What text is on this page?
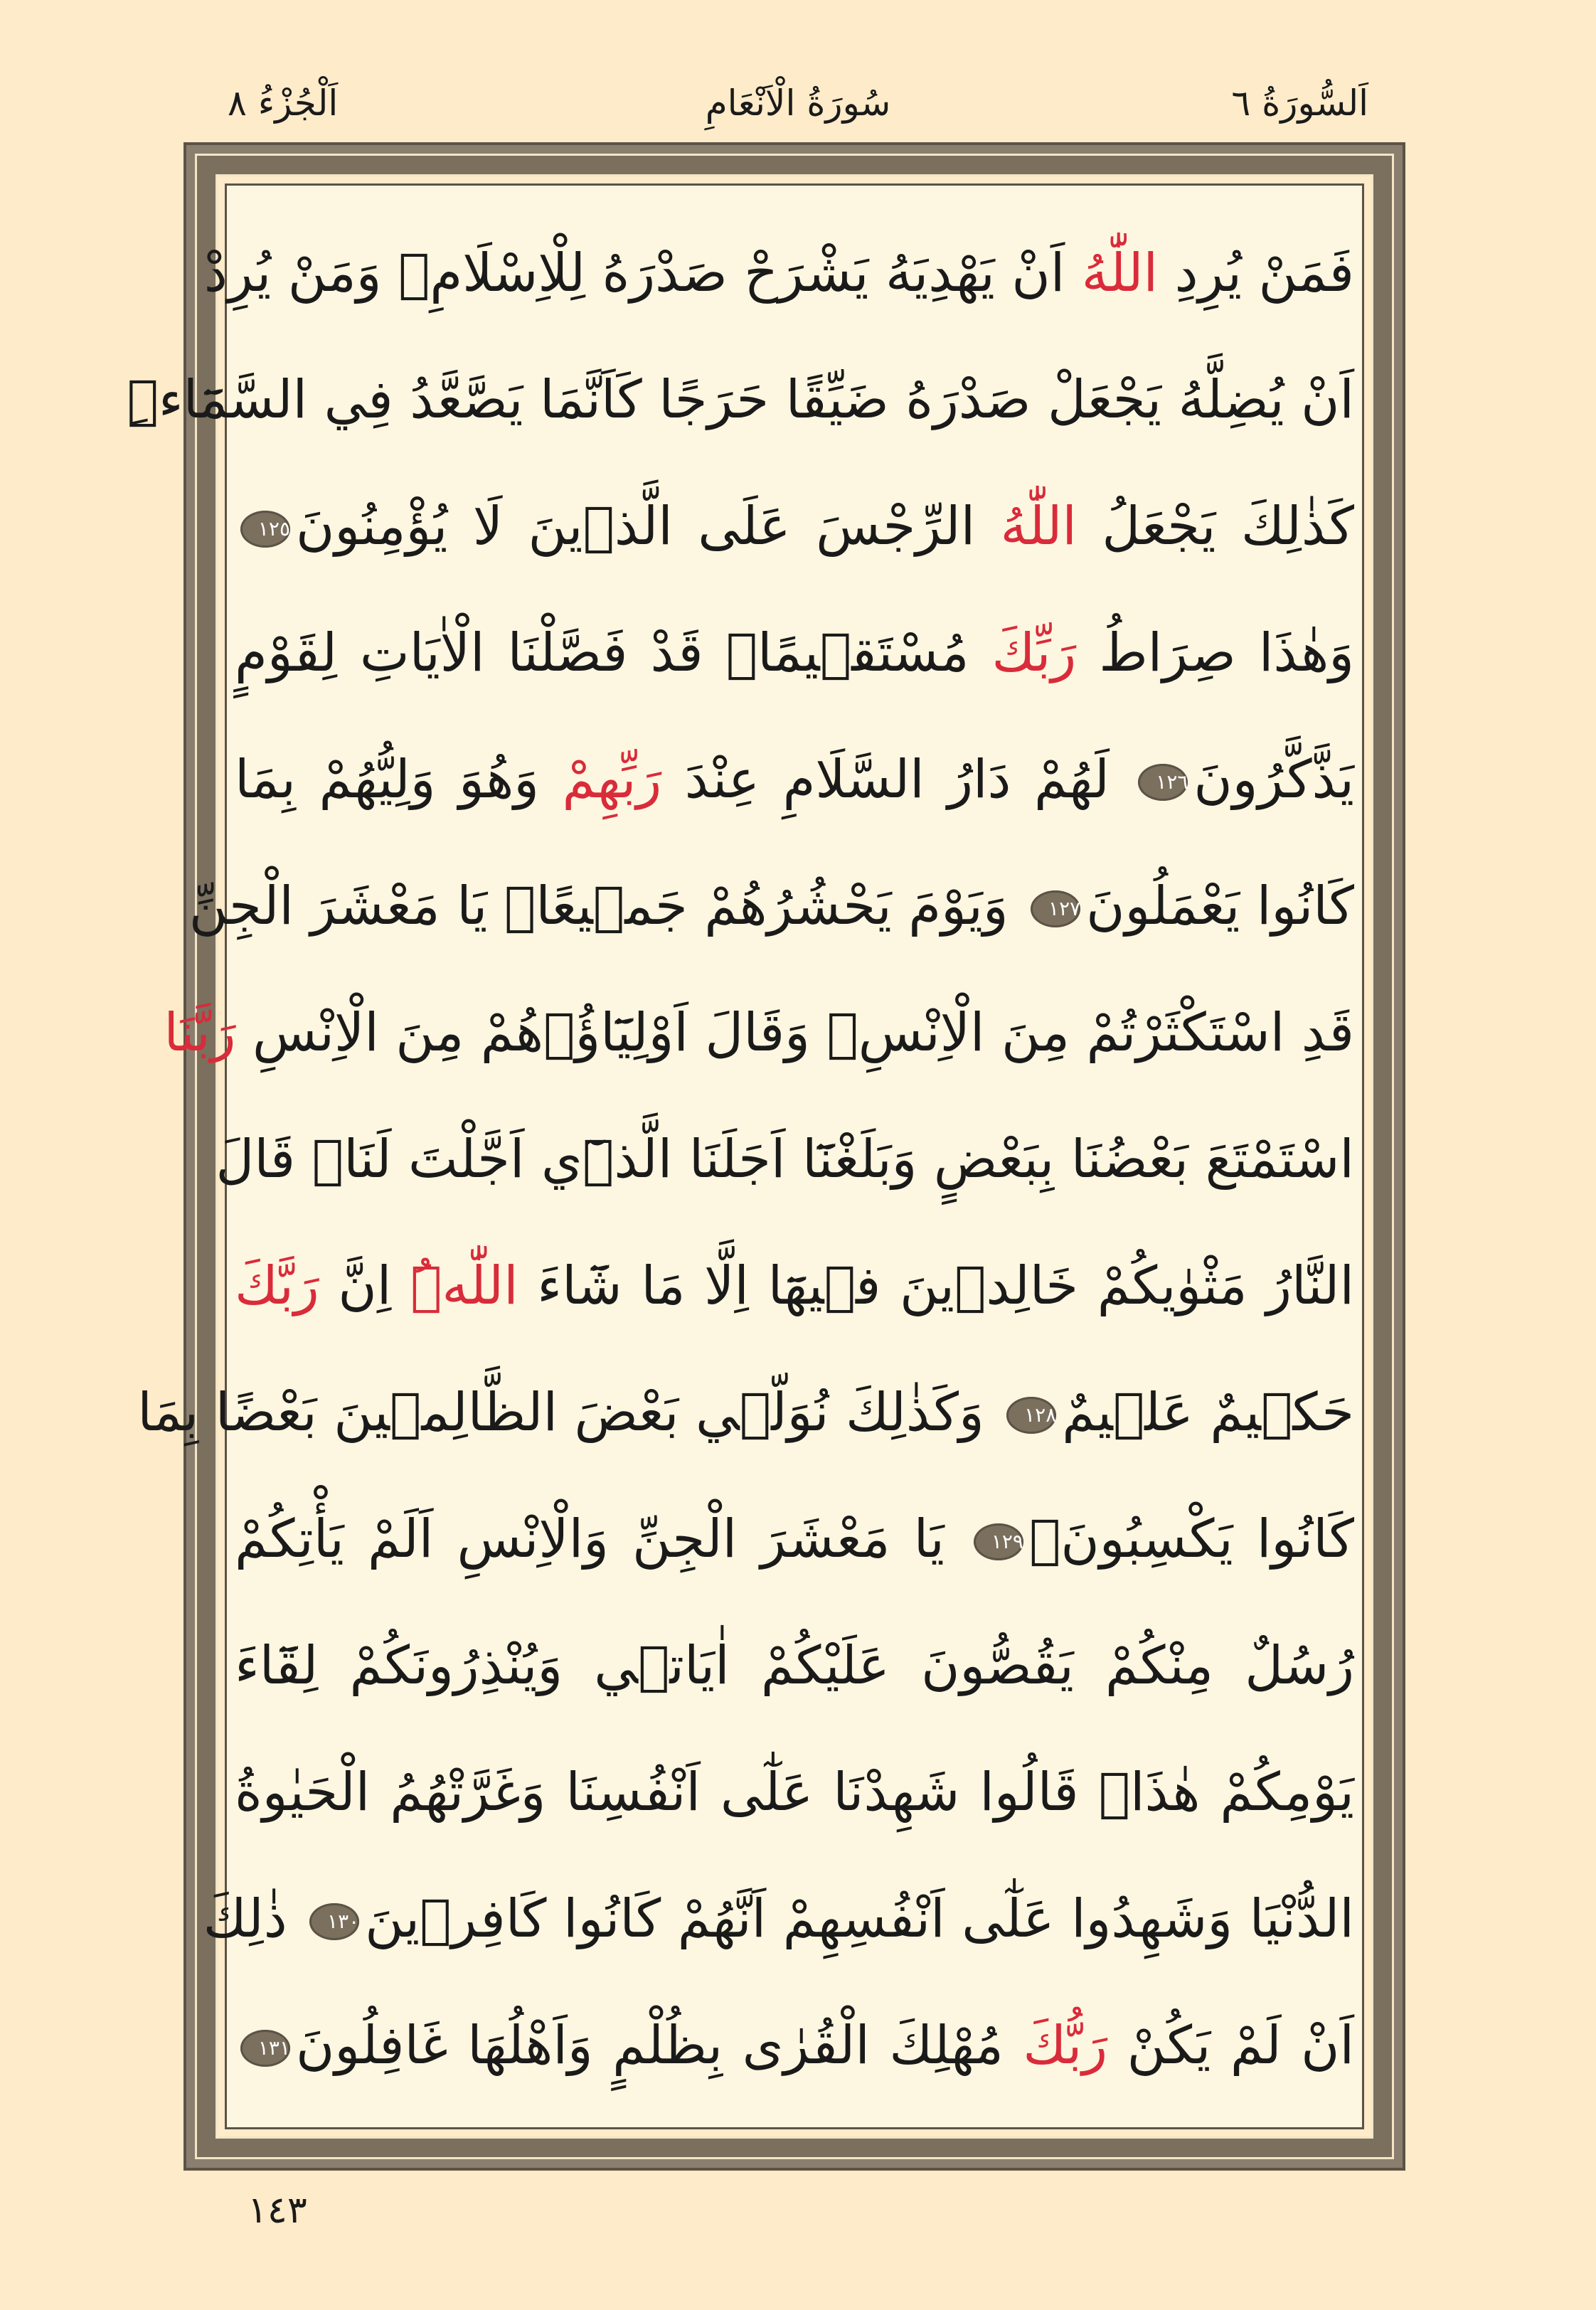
اَلسُّورَةُ ٦
سُورَةُ الْاَنْعَامِ
اَلْجُزْءُ ٨
فَمَنْ يُرِدِ اللّٰهُ اَنْ يَهْدِيَهُ يَشْرَحْ صَدْرَهُ لِلْاِسْلَامِۚ وَمَنْ يُرِدْ
اَنْ يُضِلَّهُ يَجْعَلْ صَدْرَهُ ضَيِّقًا حَرَجًا كَاَنَّمَا يَصَّعَّدُ فِي السَّمَٓاءِۜ
كَذٰلِكَ يَجْعَلُ اللّٰهُ الرِّجْسَ عَلَى الَّذ۪ينَ لَا يُؤْمِنُونَ١٢٥
وَهٰذَا صِرَاطُ رَبِّكَ مُسْتَق۪يمًاۜ قَدْ فَصَّلْنَا الْاٰيَاتِ لِقَوْمٍ
يَذَّكَّرُونَ١٢٦ لَهُمْ دَارُ السَّلَامِ عِنْدَ رَبِّهِمْ وَهُوَ وَلِيُّهُمْ بِمَا
كَانُوا يَعْمَلُونَ١٢٧ وَيَوْمَ يَحْشُرُهُمْ جَم۪يعًاۚ يَا مَعْشَرَ الْجِنِّ
قَدِ اسْتَكْثَرْتُمْ مِنَ الْاِنْسِۚ وَقَالَ اَوْلِيَٓاؤُ۬هُمْ مِنَ الْاِنْسِ رَبَّنَا
اسْتَمْتَعَ بَعْضُنَا بِبَعْضٍ وَبَلَغْنَٓا اَجَلَنَا الَّذ۪ٓي اَجَّلْتَ لَنَاۜ قَالَ
النَّارُ مَثْوٰيكُمْ خَالِد۪ينَ ف۪يهَٓا اِلَّا مَا شَٓاءَ اللّٰهُۜ اِنَّ رَبَّكَ
حَك۪يمٌ عَل۪يمٌ١٢٨ وَكَذٰلِكَ نُوَلّ۪ي بَعْضَ الظَّالِم۪ينَ بَعْضًا بِمَا
كَانُوا يَكْسِبُونَ۟١٢٩ يَا مَعْشَرَ الْجِنِّ وَالْاِنْسِ اَلَمْ يَأْتِكُمْ
رُسُلٌ مِنْكُمْ يَقُصُّونَ عَلَيْكُمْ اٰيَات۪ي وَيُنْذِرُونَكُمْ لِقَٓاءَ
يَوْمِكُمْ هٰذَاۜ قَالُوا شَهِدْنَا عَلٰٓى اَنْفُسِنَا وَغَرَّتْهُمُ الْحَيٰوةُ
الدُّنْيَا وَشَهِدُوا عَلٰٓى اَنْفُسِهِمْ اَنَّهُمْ كَانُوا كَافِر۪ينَ١٣٠ ذٰلِكَ
اَنْ لَمْ يَكُنْ رَبُّكَ مُهْلِكَ الْقُرٰى بِظُلْمٍ وَاَهْلُهَا غَافِلُونَ١٣١
١٤٣
